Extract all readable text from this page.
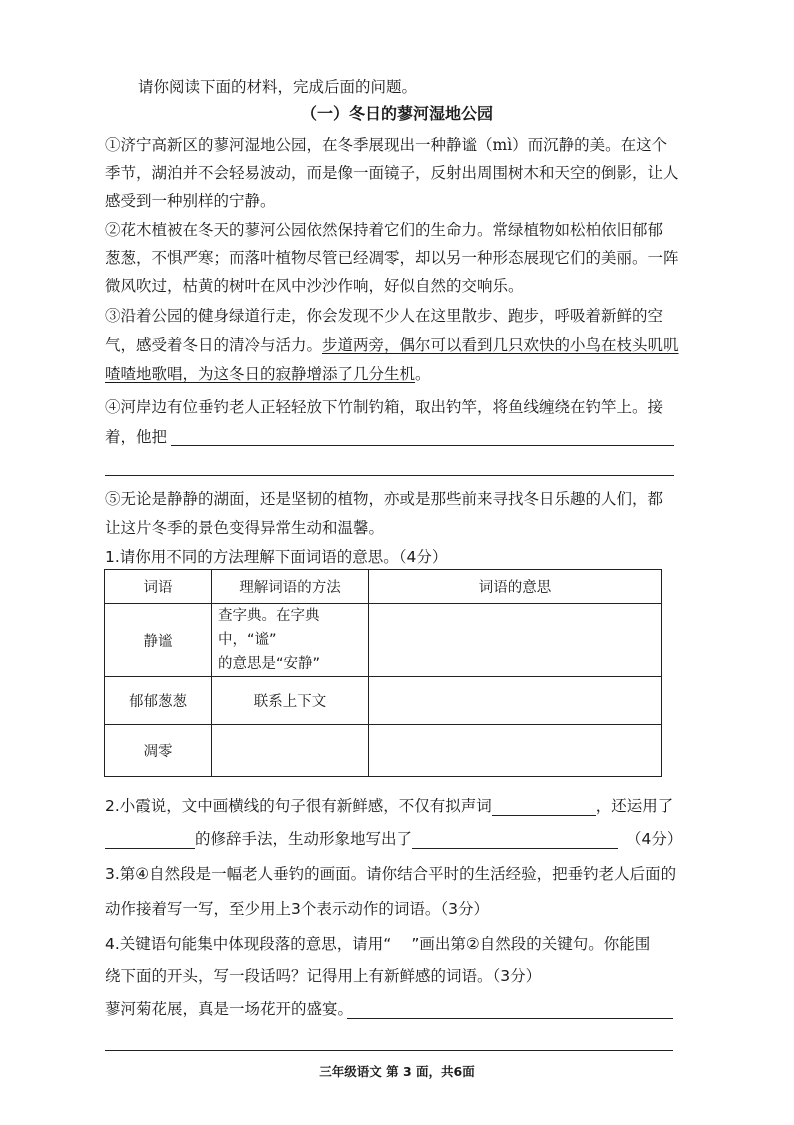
请你阅读下面的材料，完成后面的问题。
（一）冬日的蓼河湿地公园
①济宁高新区的蓼河湿地公园，在冬季展现出一种静谧（mì）而沉静的美。在这个
季节，湖泊并不会轻易波动，而是像一面镜子，反射出周围树木和天空的倒影，让人
感受到一种别样的宁静。
②花木植被在冬天的蓼河公园依然保持着它们的生命力。常绿植物如松柏依旧郁郁
葱葱，不惧严寒；而落叶植物尽管已经凋零，却以另一种形态展现它们的美丽。一阵
微风吹过，枯黄的树叶在风中沙沙作响，好似自然的交响乐。
③沿着公园的健身绿道行走，你会发现不少人在这里散步、跑步，呼吸着新鲜的空
气，感受着冬日的清冷与活力。步道两旁，偶尔可以看到几只欢快的小鸟在枝头叽叽
喳喳地歌唱，为这冬日的寂静增添了几分生机。
④河岸边有位垂钓老人正轻轻放下竹制钓箱，取出钓竿，将鱼线缠绕在钓竿上。接
着，他把
⑤无论是静静的湖面，还是坚韧的植物，亦或是那些前来寻找冬日乐趣的人们，都
让这片冬季的景色变得异常生动和温馨。
1.请你用不同的方法理解下面词语的意思。（4分）
词语	理解词语的方法	词语的意思
静谧	查字典。在字典中，“谧”
的意思是“安静”	

郁郁葱葱	联系上下文	
凋零		
2.小霞说，文中画横线的句子很有新鲜感，不仅有拟声词	，还运用了
的修辞手法，生动形象地写出了	（4分）
3.第④自然段是一幅老人垂钓的画面。请你结合平时的生活经验，把垂钓老人后面的
动作接着写一写，至少用上3个表示动作的词语。（3分）
4.关键语句能集中体现段落的意思，请用“ ”画出第②自然段的关键句。你能围
绕下面的开头，写一段话吗？记得用上有新鲜感的词语。（3分）
蓼河菊花展，真是一场花开的盛宴。
三年级语文 第 3 面，共6面
